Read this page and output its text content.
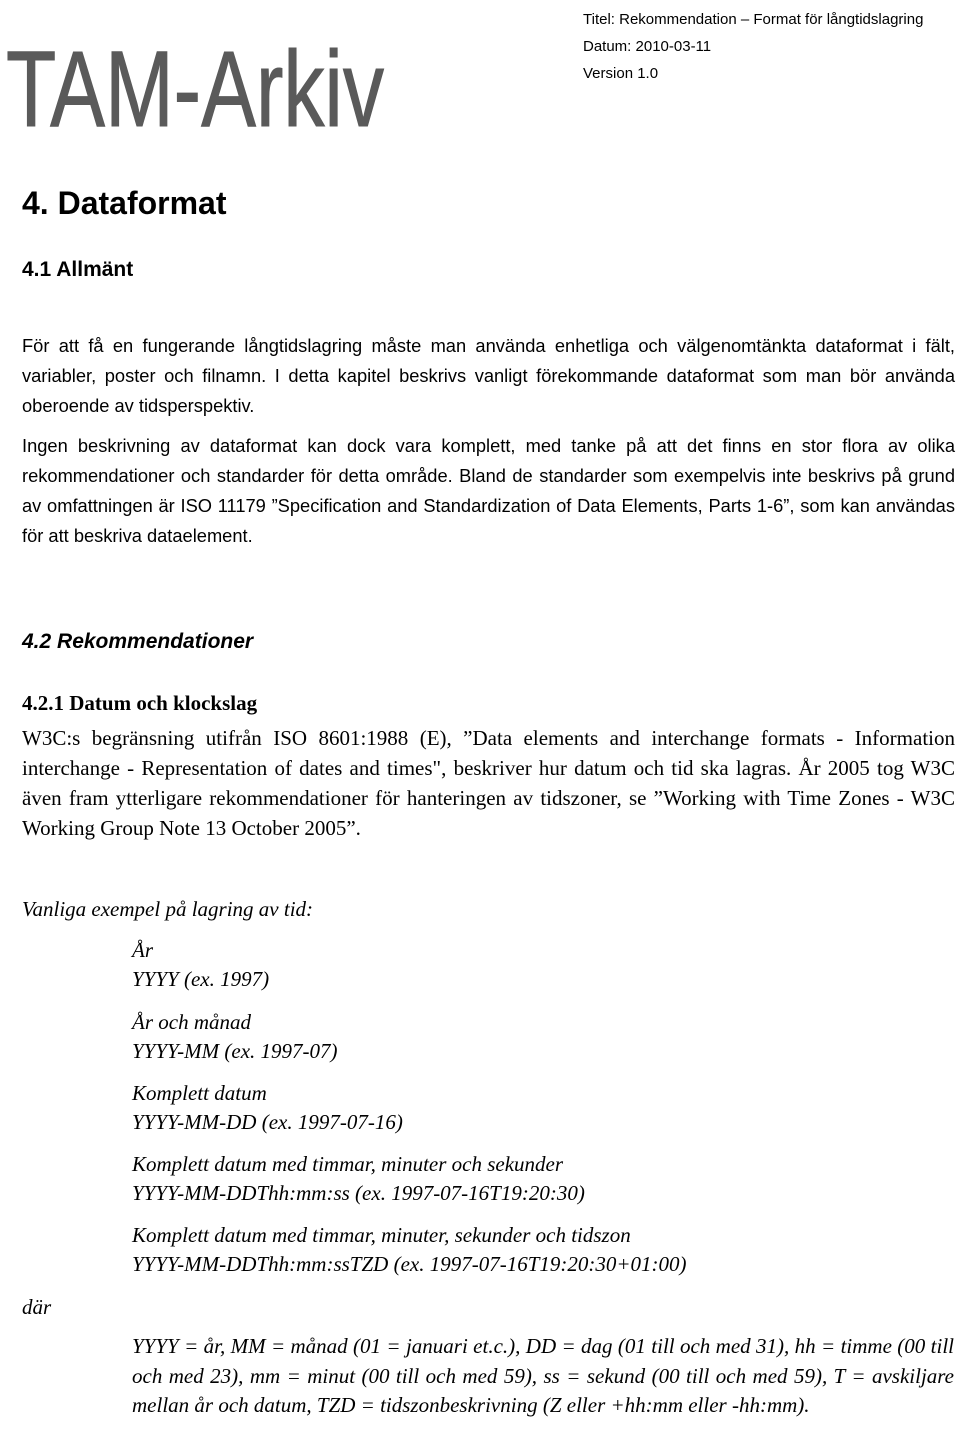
TAM-Arkiv
Titel: Rekommendation – Format för långtidslagring
Datum: 2010-03-11
Version 1.0
4. Dataformat
4.1 Allmänt

För att få en fungerande långtidslagring måste man använda enhetliga och välgenomtänkta dataformat i fält, variabler, poster och filnamn. I detta kapitel beskrivs vanligt förekommande dataformat som man bör använda oberoende av tidsperspektiv.

Ingen beskrivning av dataformat kan dock vara komplett, med tanke på att det finns en stor flora av olika rekommendationer och standarder för detta område. Bland de standarder som exempelvis inte beskrivs på grund av omfattningen är ISO 11179 ”Specification and Standardization of Data Elements, Parts 1-6”, som kan användas för att beskriva dataelement.

4.2 Rekommendationer
4.2.1 Datum och klockslag

W3C:s begränsning utifrån ISO 8601:1988 (E), ”Data elements and interchange formats - Information interchange - Representation of dates and times", beskriver hur datum och tid ska lagras. År 2005 tog W3C även fram ytterligare rekommendationer för hanteringen av tidszoner, se ”Working with Time Zones - W3C Working Group Note 13 October 2005”.

Vanliga exempel på lagring av tid:

År
YYYY (ex. 1997)
År och månad
YYYY-MM (ex. 1997-07)
Komplett datum
YYYY-MM-DD (ex. 1997-07-16)
Komplett datum med timmar, minuter och sekunder
YYYY-MM-DDThh:mm:ss (ex. 1997-07-16T19:20:30)
Komplett datum med timmar, minuter, sekunder och tidszon
YYYY-MM-DDThh:mm:ssTZD (ex. 1997-07-16T19:20:30+01:00)

där

YYYY = år, MM = månad (01 = januari et.c.), DD = dag (01 till och med 31), hh = timme (00 till och med 23), mm = minut (00 till och med 59), ss = sekund (00 till och med 59), T = avskiljare mellan år och datum, TZD = tidszonbeskrivning (Z eller +hh:mm eller -hh:mm).
